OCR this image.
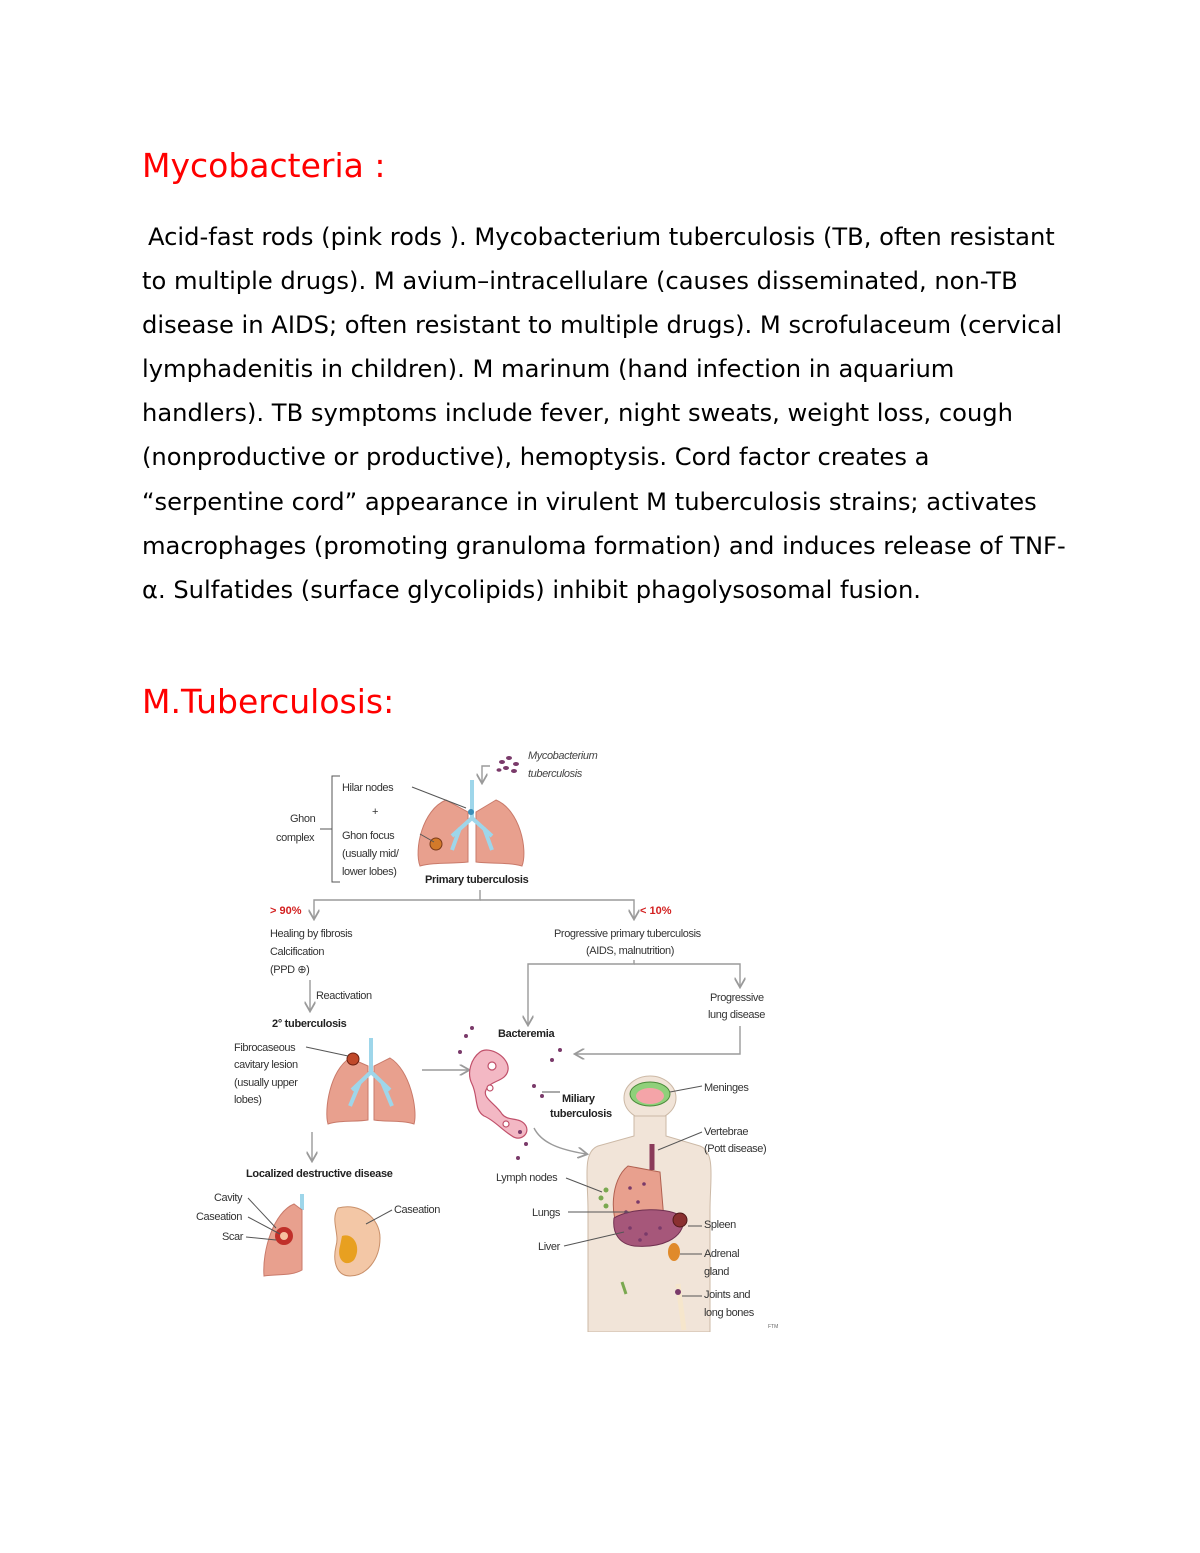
Mycobacteria :

Acid-fast rods (pink rods ). Mycobacterium tuberculosis (TB, often resistant to multiple drugs). M avium–intracellulare (causes disseminated, non-TB disease in AIDS; often resistant to multiple drugs). M scrofulaceum (cervical lymphadenitis in children). M marinum (hand infection in aquarium handlers). TB symptoms include fever, night sweats, weight loss, cough (nonproductive or productive), hemoptysis. Cord factor creates a “serpentine cord” appearance in virulent M tuberculosis strains; activates macrophages (promoting granuloma formation) and induces release of TNF-α. Sulfatides (surface glycolipids) inhibit phagolysosomal fusion.

M.Tuberculosis:
Mycobacterium
tuberculosis
Ghon
complex
Hilar nodes
+
Ghon focus
(usually mid/
lower lobes)
Primary tuberculosis
> 90%	< 10%
Healing by fibrosis
Calcification
(PPD ⊕)
Reactivation
2° tuberculosis
Progressive primary tuberculosis
(AIDS, malnutrition)
Progressive
lung disease
Bacteremia
Fibrocaseous
cavitary lesion
(usually upper
lobes)	Miliary
tuberculosis
Meninges
Vertebrae
(Pott disease)
Lymph nodes
Lungs
Spleen
Liver
Adrenal
gland
Joints and
long bones
FTM
Localized destructive disease
Cavity
Caseation
Scar
Caseation
